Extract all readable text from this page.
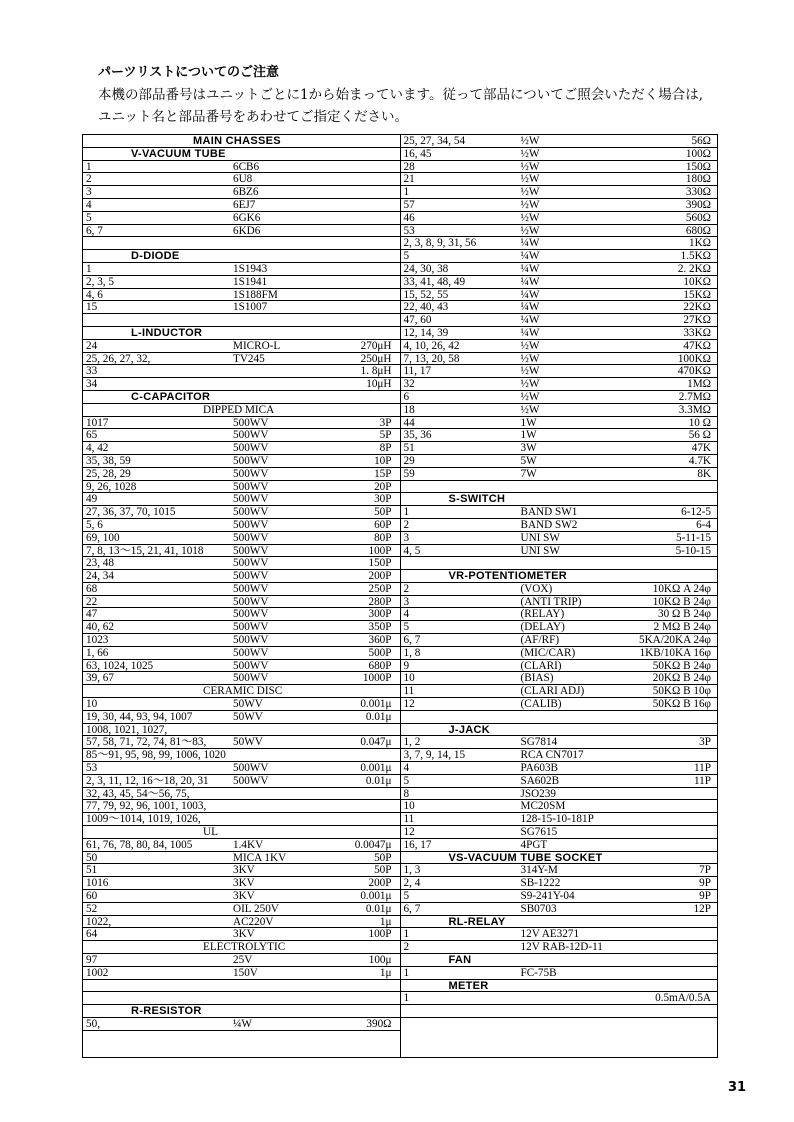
パーツリストについてのご注意
本機の部品番号はユニットごとに1から始まっています。従って部品についてご照会いただく場合は,
ユニット名と部品番号をあわせてご指定ください。
MAIN CHASSES
V-VACUUM TUBE
1	6CB6
2	6U8
3	6BZ6
4	6EJ7
5	6GK6
6, 7	6KD6
D-DIODE
1	1S1943
2, 3, 5	1S1941
4, 6	1S188FM
15	1S1007
L-INDUCTOR
24	MICRO-L	270μH
25, 26, 27, 32,	TV245	250μH
33	1. 8μH
34	10μH
C-CAPACITOR
DIPPED MICA
1017	500WV	3P
65	500WV	5P
4, 42	500WV	8P
35, 38, 59	500WV	10P
25, 28, 29	500WV	15P
9, 26, 1028	500WV	20P
49	500WV	30P
27, 36, 37, 70, 1015	500WV	50P
5, 6	500WV	60P
69, 100	500WV	80P
7, 8, 13～15, 21, 41, 1018	500WV	100P
23, 48	500WV	150P
24, 34	500WV	200P
68	500WV	250P
22	500WV	280P
47	500WV	300P
40, 62	500WV	350P
1023	500WV	360P
1, 66	500WV	500P
63, 1024, 1025	500WV	680P
39, 67	500WV	1000P
CERAMIC DISC
10	50WV	0.001μ
19, 30, 44, 93, 94, 1007	50WV	0.01μ
1008, 1021, 1027,
57, 58, 71, 72, 74, 81～83, 50WV	0.047μ
85～91, 95, 98, 99, 1006, 1020
53	500WV	0.001μ
2, 3, 11, 12, 16～18, 20, 31 500WV	0.01μ
32, 43, 45, 54～56, 75,
77, 79, 92, 96, 1001, 1003,
1009～1014, 1019, 1026,
UL
61, 76, 78, 80, 84, 1005	1.4KV	0.0047μ
50	MICA 1KV	50P
51	3KV	50P
1016	3KV	200P
60	3KV	0.001μ
52	OIL 250V	0.01μ
1022,	AC220V	1μ
64	3KV	100P
ELECTROLYTIC
97	25V	100μ
1002	150V	1μ
R-RESISTOR
50,	¼W	390Ω
25, 27, 34, 54	½W	56Ω
16, 45	½W	100Ω
28	½W	150Ω
21	½W	180Ω
1	½W	330Ω
57	½W	390Ω
46	½W	560Ω
53	½W	680Ω
2, 3, 8, 9, 31, 56	¼W	1KΩ
5	¼W	1.5KΩ
24, 30, 38	¼W	2. 2KΩ
33, 41, 48, 49	¼W	10KΩ
15, 52, 55	¼W	15KΩ
22, 40, 43	¼W	22KΩ
47, 60	¼W	27KΩ
12, 14, 39	¼W	33KΩ
4, 10, 26, 42	½W	47KΩ
7, 13, 20, 58	½W	100KΩ
11, 17	½W	470KΩ
32	½W	1MΩ
6	½W	2.7MΩ
18	½W	3.3MΩ
44	1W	10 Ω
35, 36	1W	56 Ω
51	3W	47K
29	5W	4.7K
59	7W	8K
S-SWITCH
1	BAND SW1	6-12-5
2	BAND SW2	6-4
3	UNI SW	5-11-15
4, 5	UNI SW	5-10-15
VR-POTENTIOMETER
2	(VOX)	10KΩ A 24φ
3	(ANTI TRIP)	10KΩ B 24φ
4	(RELAY)	30 Ω B 24φ
5	(DELAY)	2 MΩ B 24φ
6, 7	(AF/RF)	5KA/20KA 24φ
1, 8	(MIC/CAR)	1KB/10KA 16φ
9	(CLARI)	50KΩ B 24φ
10	(BIAS)	20KΩ B 24φ
11	(CLARI ADJ)	50KΩ B 10φ
12	(CALIB)	50KΩ B 16φ
J-JACK
1, 2	SG7814	3P
3, 7, 9, 14, 15	RCA CN7017
4	PA603B	11P
5	SA602B	11P
8	JSO239
10	MC20SM
11	128-15-10-181P
12	SG7615
16, 17	4PGT
VS-VACUUM TUBE SOCKET
1, 3	314Y-M	7P
2, 4	SB-1222	9P
5	S9-241Y-04	9P
6, 7	SB0703	12P
RL-RELAY
1	12V AE3271
2	12V RAB-12D-11
FAN
1	FC-75B
METER
1	0.5mA/0.5A
31
